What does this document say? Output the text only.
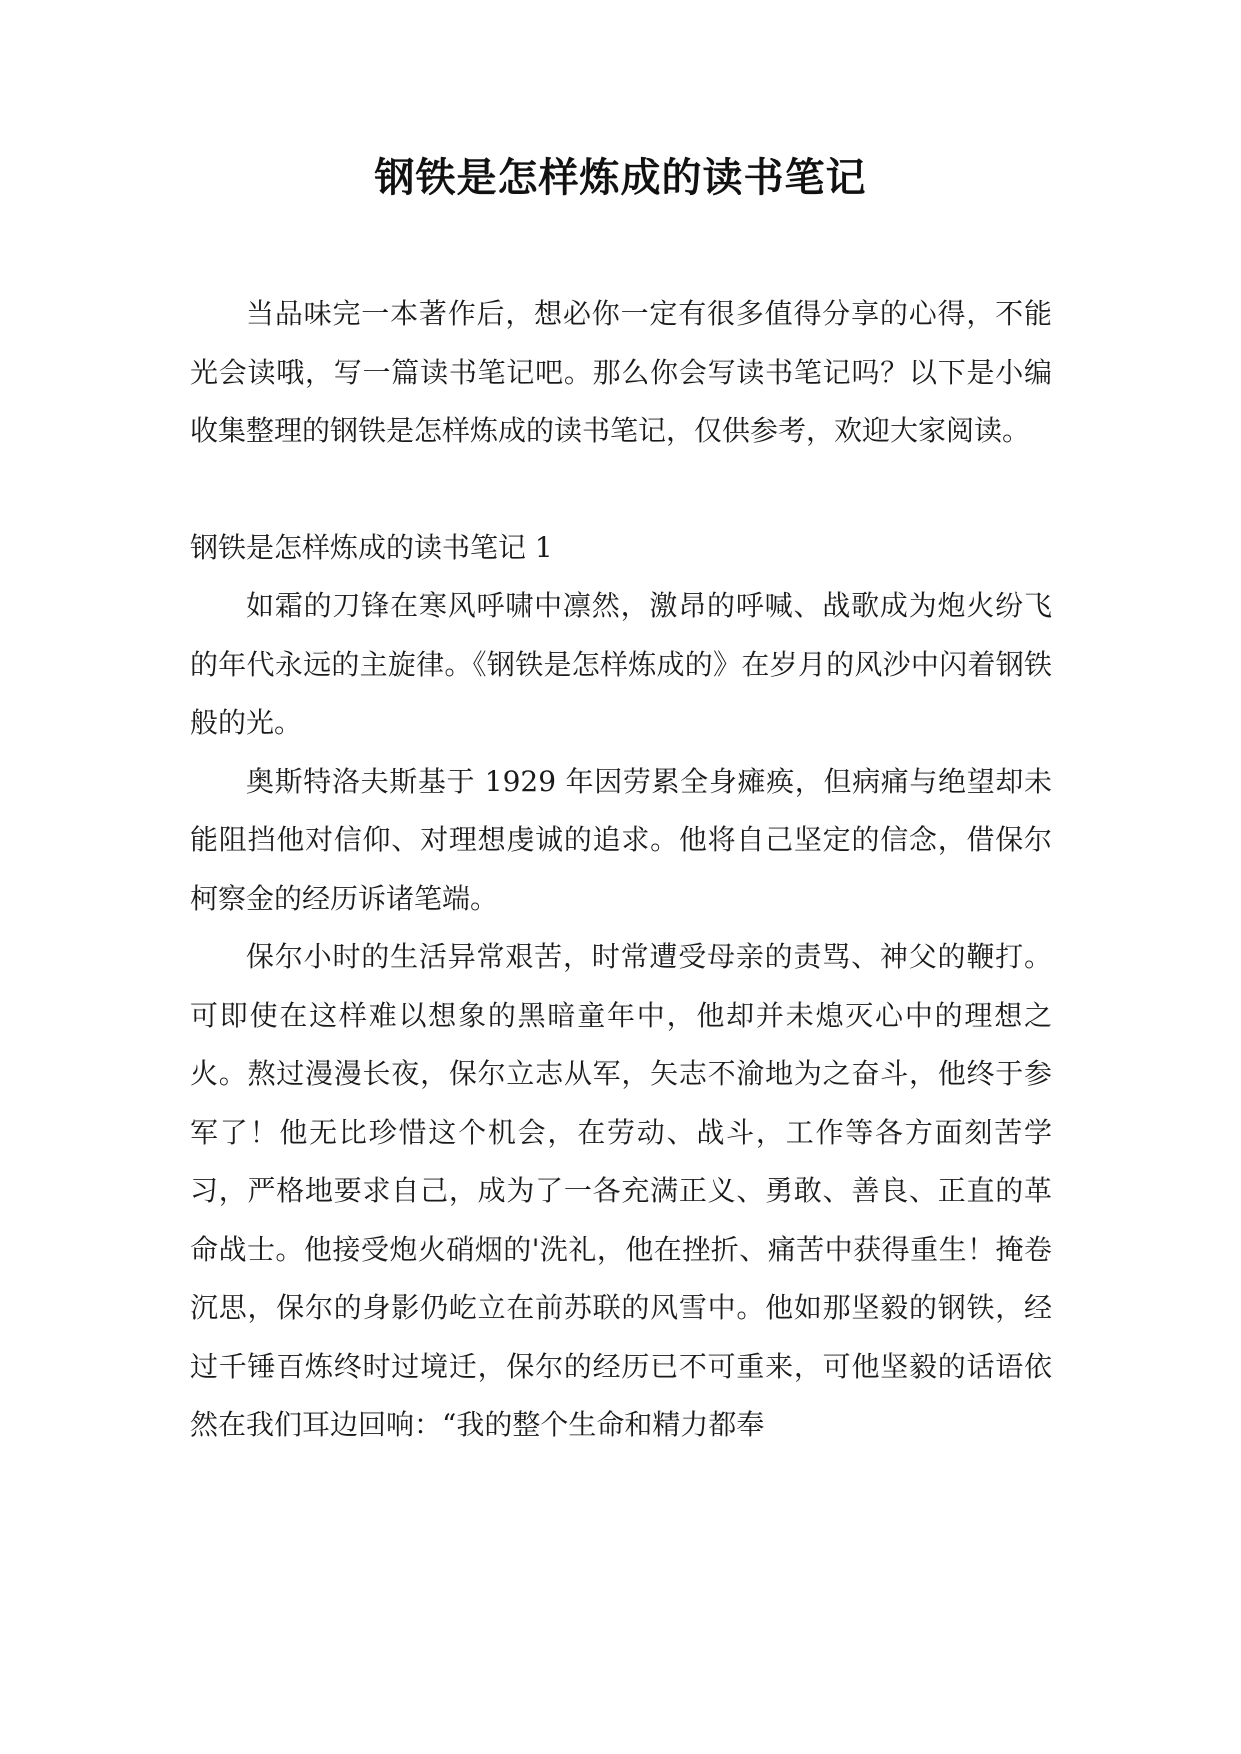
钢铁是怎样炼成的读书笔记

当品味完一本著作后，想必你一定有很多值得分享的心得，不能光会读哦，写一篇读书笔记吧。那么你会写读书笔记吗？以下是小编收集整理的钢铁是怎样炼成的读书笔记，仅供参考，欢迎大家阅读。

钢铁是怎样炼成的读书笔记 1

如霜的刀锋在寒风呼啸中凛然，激昂的呼喊、战歌成为炮火纷飞的年代永远的主旋律。《钢铁是怎样炼成的》在岁月的风沙中闪着钢铁般的光。

奥斯特洛夫斯基于 1929 年因劳累全身瘫痪，但病痛与绝望却未能阻挡他对信仰、对理想虔诚的追求。他将自己坚定的信念，借保尔柯察金的经历诉诸笔端。

保尔小时的生活异常艰苦，时常遭受母亲的责骂、神父的鞭打。可即使在这样难以想象的黑暗童年中，他却并未熄灭心中的理想之火。熬过漫漫长夜，保尔立志从军，矢志不渝地为之奋斗，他终于参军了！他无比珍惜这个机会，在劳动、战斗，工作等各方面刻苦学习，严格地要求自己，成为了一各充满正义、勇敢、善良、正直的革命战士。他接受炮火硝烟的'洗礼，他在挫折、痛苦中获得重生！掩卷沉思，保尔的身影仍屹立在前苏联的风雪中。他如那坚毅的钢铁，经过千锤百炼终时过境迁，保尔的经历已不可重来，可他坚毅的话语依然在我们耳边回响：“我的整个生命和精力都奉
